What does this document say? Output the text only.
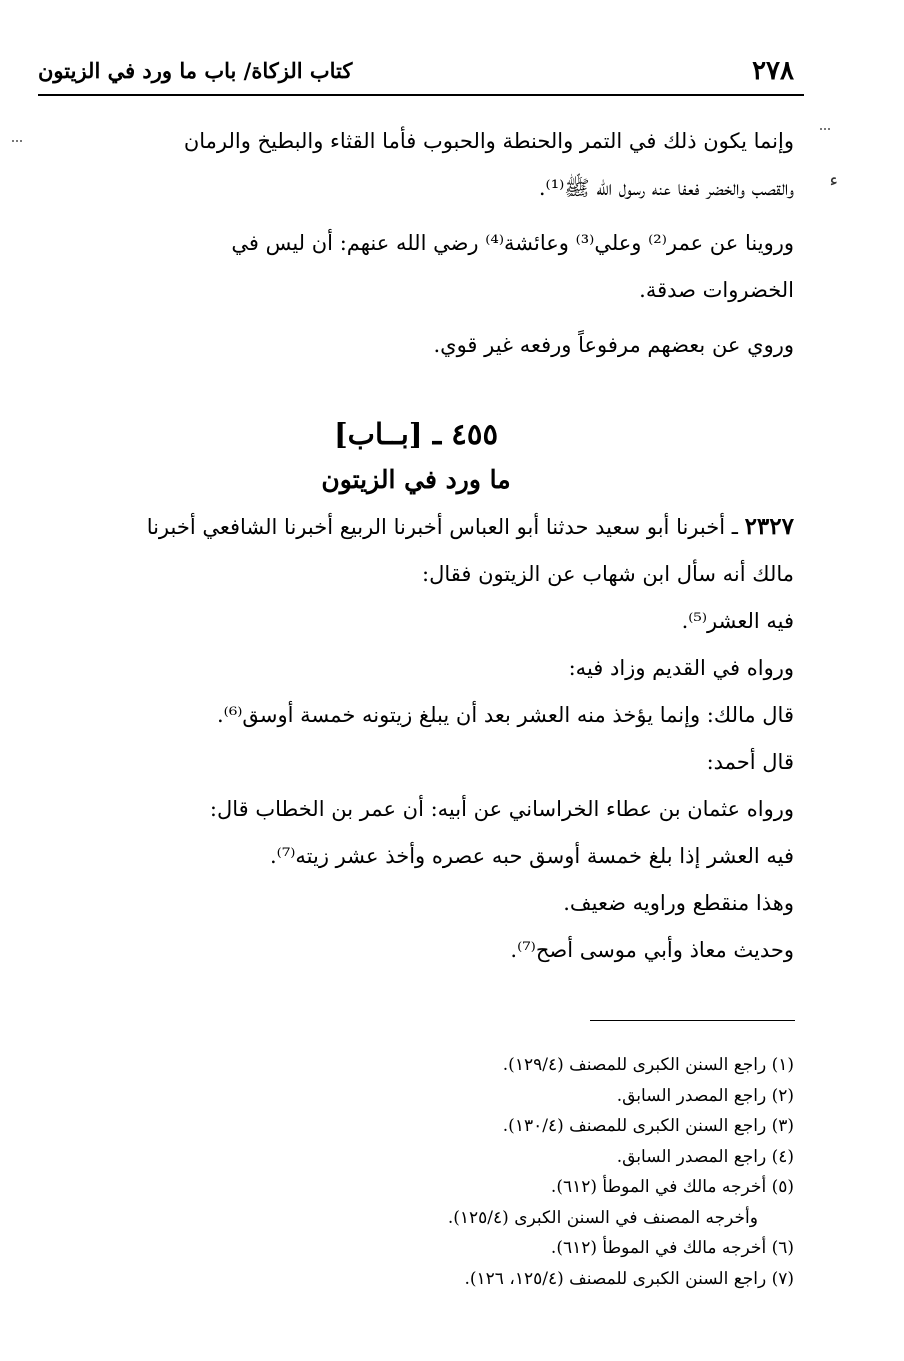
كتاب الزكاة/ باب ما ورد في الزيتون	٢٧٨
ء

وإنما يكون ذلك في التمر والحنطة والحبوب فأما القثاء والبطيخ والرمان

والقصب والخضر فعفا عنه رسول الله ﷺ⁽¹⁾.

وروينا عن عمر⁽²⁾ وعلي⁽³⁾ وعائشة⁽⁴⁾ رضي الله عنهم: أن ليس في

الخضروات صدقة.

وروي عن بعضهم مرفوعاً ورفعه غير قوي.

٤٥٥ ـ [بــاب]

ما ورد في الزيتون

٢٣٢٧ ـ أخبرنا أبو سعيد حدثنا أبو العباس أخبرنا الربيع أخبرنا الشافعي أخبرنا

مالك أنه سأل ابن شهاب عن الزيتون فقال:

فيه العشر⁽⁵⁾.

ورواه في القديم وزاد فيه:

قال مالك: وإنما يؤخذ منه العشر بعد أن يبلغ زيتونه خمسة أوسق⁽⁶⁾.

قال أحمد:

ورواه عثمان بن عطاء الخراساني عن أبيه: أن عمر بن الخطاب قال:

فيه العشر إذا بلغ خمسة أوسق حبه عصره وأخذ عشر زيته⁽⁷⁾.

وهذا منقطع وراويه ضعيف.

وحديث معاذ وأبي موسى أصح⁽⁷⁾.

(١) راجع السنن الكبرى للمصنف (١٢٩/٤).

(٢) راجع المصدر السابق.

(٣) راجع السنن الكبرى للمصنف (١٣٠/٤).

(٤) راجع المصدر السابق.

(٥) أخرجه مالك في الموطأ (٦١٢).

وأخرجه المصنف في السنن الكبرى (١٢٥/٤).

(٦) أخرجه مالك في الموطأ (٦١٢).

(٧) راجع السنن الكبرى للمصنف (١٢٥/٤، ١٢٦).
